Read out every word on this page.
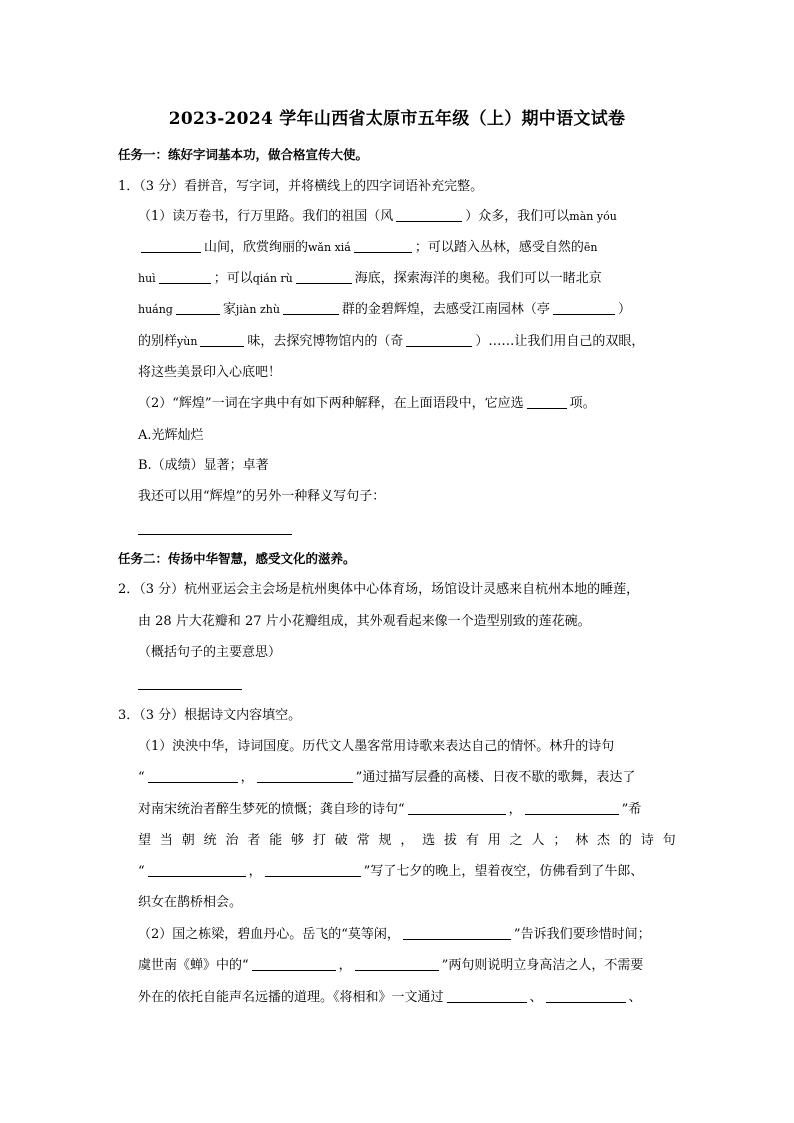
2023-2024 学年山西省太原市五年级（上）期中语文试卷
任务一：练好字词基本功，做合格宣传大使。
1．（3 分）看拼音，写字词，并将横线上的四字词语补充完整。
（1）读万卷书，行万里路。我们的祖国（风	）众多，我们可以màn yóu
山间，欣赏绚丽的wǎn xiá	；可以踏入丛林，感受自然的ēn
huì	；可以qián rù	海底，探索海洋的奥秘。我们可以一睹北京
huáng	家jiàn zhù	群的金碧辉煌，去感受江南园林（亭	）
的别样yùn	味，去探究博物馆内的（奇	）……让我们用自己的双眼，
将这些美景印入心底吧！
（2）“辉煌”一词在字典中有如下两种解释，在上面语段中，它应选	项。
A.光辉灿烂
B.（成绩）显著；卓著
我还可以用“辉煌”的另外一种释义写句子：
任务二：传扬中华智慧，感受文化的滋养。
2．（3 分）杭州亚运会主会场是杭州奥体中心体育场，场馆设计灵感来自杭州本地的睡莲，
由 28 片大花瓣和 27 片小花瓣组成，其外观看起来像一个造型别致的莲花碗。
（概括句子的主要意思）
3．（3 分）根据诗文内容填空。
（1）泱泱中华，诗词国度。历代文人墨客常用诗歌来表达自己的情怀。林升的诗句
“	，	”通过描写层叠的高楼、日夜不歇的歌舞，表达了
对南宋统治者醉生梦死的愤慨；龚自珍的诗句“	，	”希
望 当 朝 统 治 者 能 够 打 破 常 规 ， 选 拔 有 用 之 人 ； 林 杰 的 诗 句
“	，	”写了七夕的晚上，望着夜空，仿佛看到了牛郎、
织女在鹊桥相会。
（2）国之栋梁，碧血丹心。岳飞的“莫等闲，	”告诉我们要珍惜时间；
虞世南《蝉》中的“	，	”两句则说明立身高洁之人，不需要
外在的依托自能声名远播的道理。《将相和》一文通过	、	、
